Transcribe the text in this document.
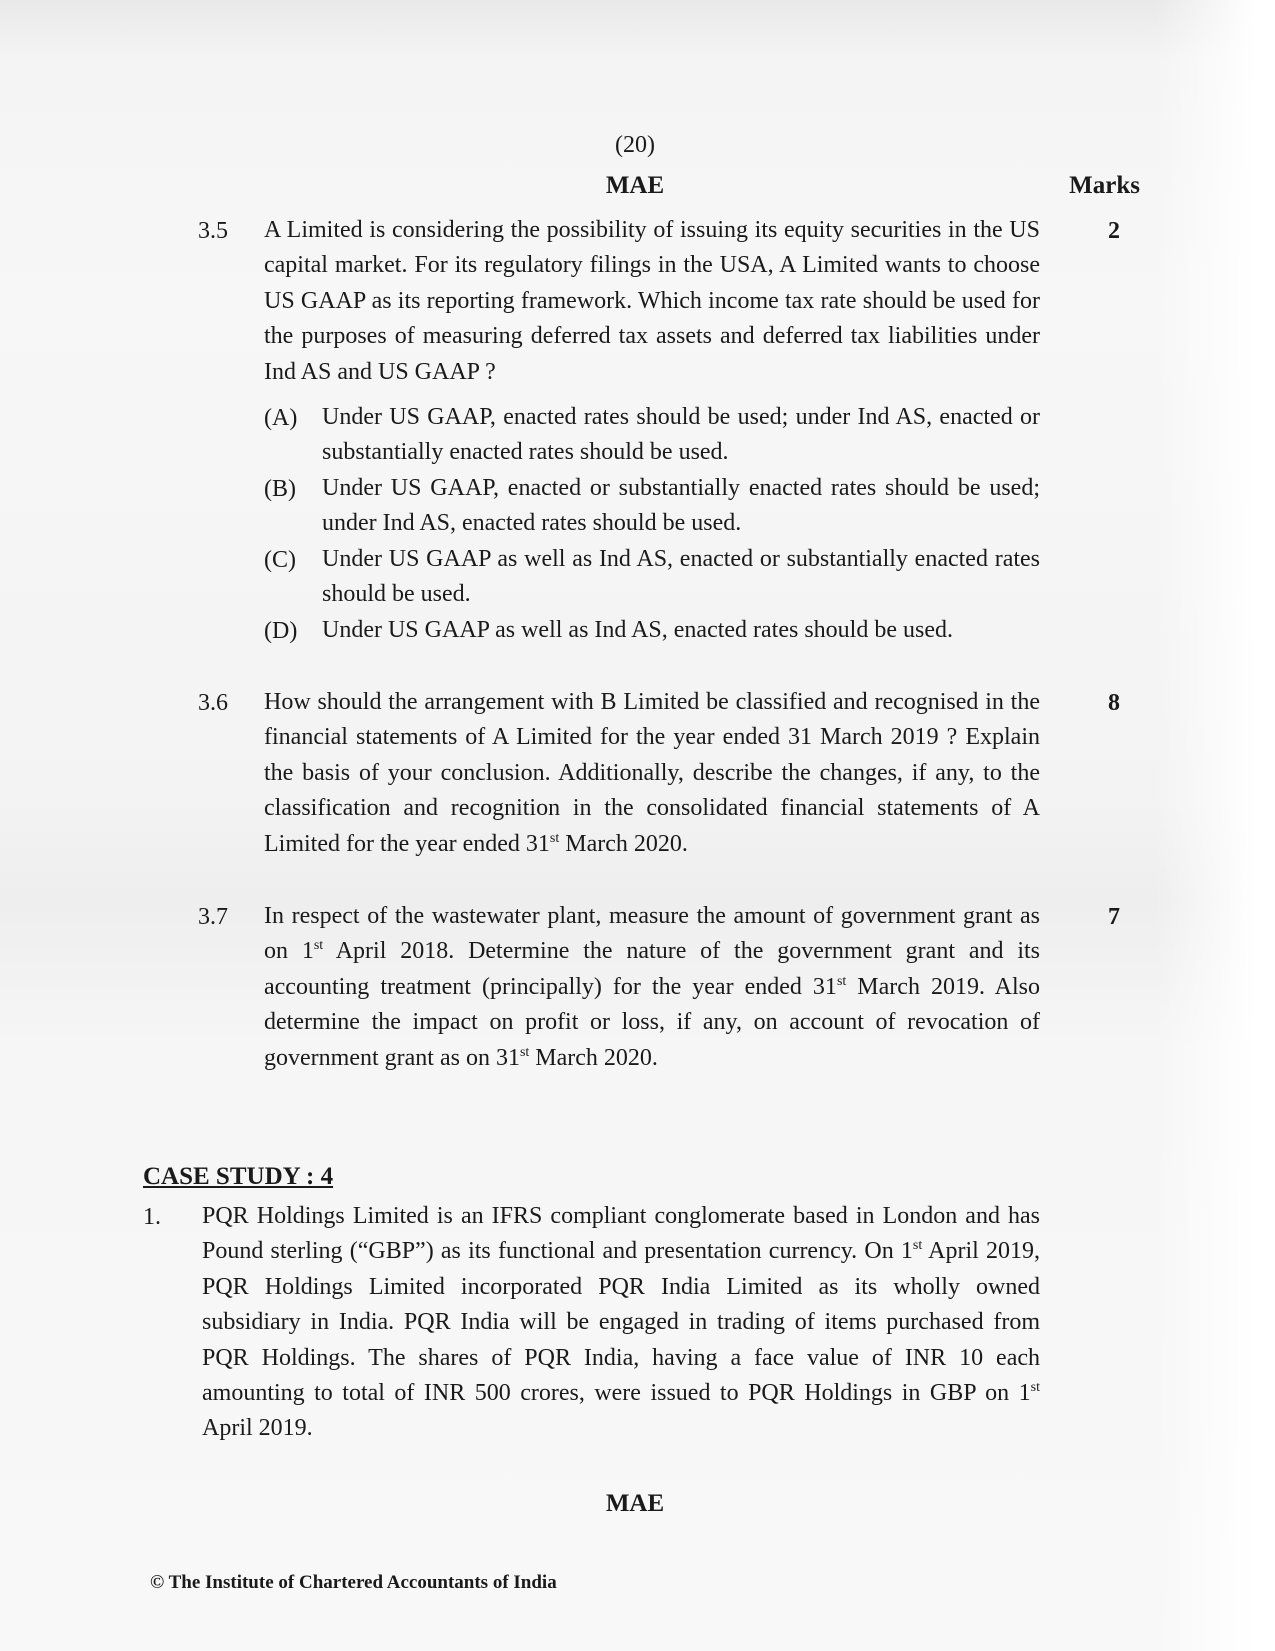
(20)
MAE	Marks
3.5 A Limited is considering the possibility of issuing its equity securities in the US capital market. For its regulatory filings in the USA, A Limited wants to choose US GAAP as its reporting framework. Which income tax rate should be used for the purposes of measuring deferred tax assets and deferred tax liabilities under Ind AS and US GAAP ?
2
(A) Under US GAAP, enacted rates should be used; under Ind AS, enacted or substantially enacted rates should be used.
(B) Under US GAAP, enacted or substantially enacted rates should be used; under Ind AS, enacted rates should be used.
(C) Under US GAAP as well as Ind AS, enacted or substantially enacted rates should be used.
(D) Under US GAAP as well as Ind AS, enacted rates should be used.
3.6 How should the arrangement with B Limited be classified and recognised in the financial statements of A Limited for the year ended 31 March 2019 ? Explain the basis of your conclusion. Additionally, describe the changes, if any, to the classification and recognition in the consolidated financial statements of A Limited for the year ended 31st March 2020.
8
3.7 In respect of the wastewater plant, measure the amount of government grant as on 1st April 2018. Determine the nature of the government grant and its accounting treatment (principally) for the year ended 31st March 2019. Also determine the impact on profit or loss, if any, on account of revocation of government grant as on 31st March 2020.
7
CASE STUDY : 4
1. PQR Holdings Limited is an IFRS compliant conglomerate based in London and has Pound sterling (“GBP”) as its functional and presentation currency. On 1st April 2019, PQR Holdings Limited incorporated PQR India Limited as its wholly owned subsidiary in India. PQR India will be engaged in trading of items purchased from PQR Holdings. The shares of PQR India, having a face value of INR 10 each amounting to total of INR 500 crores, were issued to PQR Holdings in GBP on 1st April 2019.
MAE
© The Institute of Chartered Accountants of India
